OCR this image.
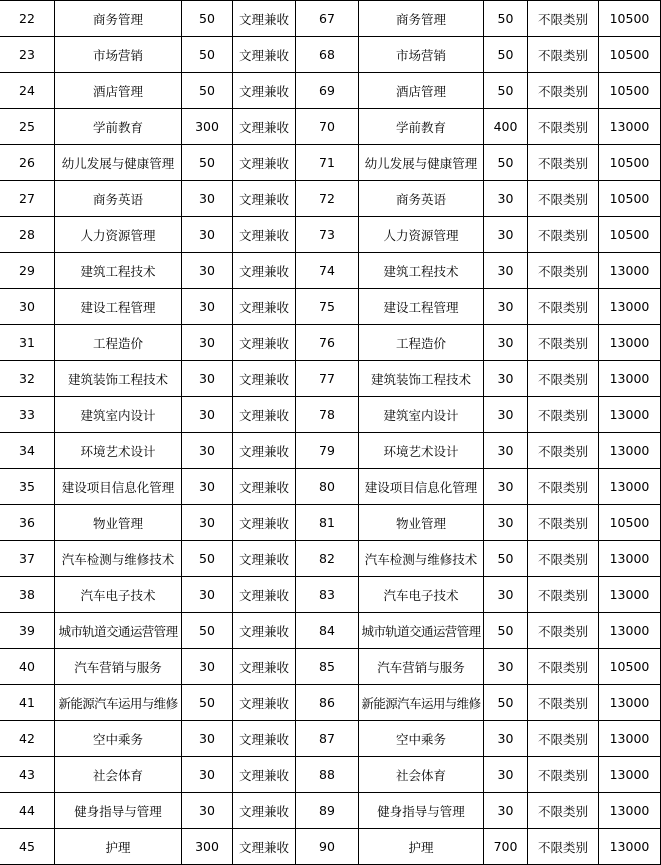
22	商务管理	50	文理兼收	67	商务管理	50	不限类别	10500
23	市场营销	50	文理兼收	68	市场营销	50	不限类别	10500
24	酒店管理	50	文理兼收	69	酒店管理	50	不限类别	10500
25	学前教育	300	文理兼收	70	学前教育	400	不限类别	13000
26	幼儿发展与健康管理	50	文理兼收	71	幼儿发展与健康管理	50	不限类别	10500
27	商务英语	30	文理兼收	72	商务英语	30	不限类别	10500
28	人力资源管理	30	文理兼收	73	人力资源管理	30	不限类别	10500
29	建筑工程技术	30	文理兼收	74	建筑工程技术	30	不限类别	13000
30	建设工程管理	30	文理兼收	75	建设工程管理	30	不限类别	13000
31	工程造价	30	文理兼收	76	工程造价	30	不限类别	13000
32	建筑装饰工程技术	30	文理兼收	77	建筑装饰工程技术	30	不限类别	13000
33	建筑室内设计	30	文理兼收	78	建筑室内设计	30	不限类别	13000
34	环境艺术设计	30	文理兼收	79	环境艺术设计	30	不限类别	13000
35	建设项目信息化管理	30	文理兼收	80	建设项目信息化管理	30	不限类别	13000
36	物业管理	30	文理兼收	81	物业管理	30	不限类别	10500
37	汽车检测与维修技术	50	文理兼收	82	汽车检测与维修技术	50	不限类别	13000
38	汽车电子技术	30	文理兼收	83	汽车电子技术	30	不限类别	13000
39	城市轨道交通运营管理	50	文理兼收	84	城市轨道交通运营管理	50	不限类别	13000
40	汽车营销与服务	30	文理兼收	85	汽车营销与服务	30	不限类别	10500
41	新能源汽车运用与维修	50	文理兼收	86	新能源汽车运用与维修	50	不限类别	13000
42	空中乘务	30	文理兼收	87	空中乘务	30	不限类别	13000
43	社会体育	30	文理兼收	88	社会体育	30	不限类别	13000
44	健身指导与管理	30	文理兼收	89	健身指导与管理	30	不限类别	13000
45	护理	300	文理兼收	90	护理	700	不限类别	13000
